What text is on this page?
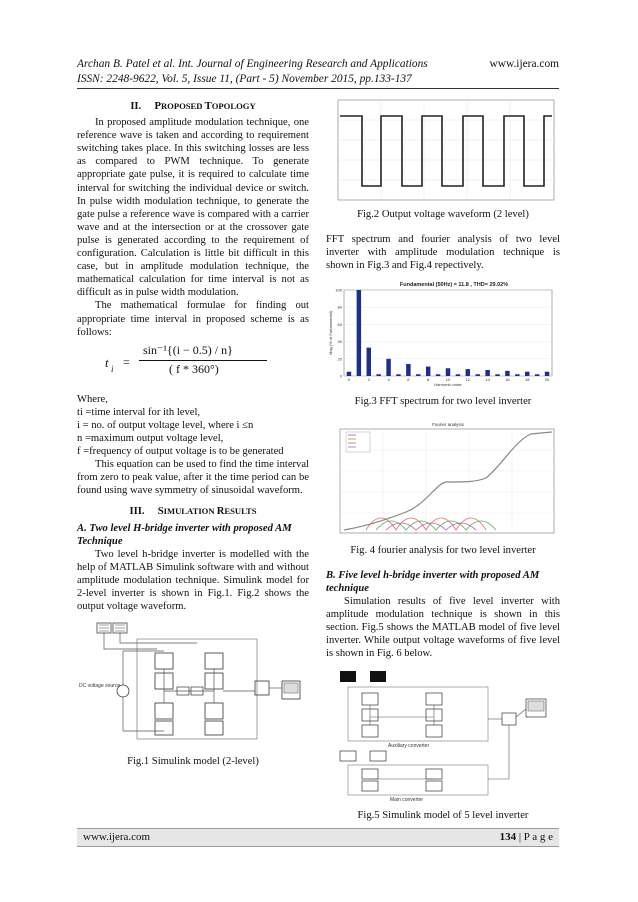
Archan B. Patel et al. Int. Journal of Engineering Research and Applications	www.ijera.com
ISSN: 2248-9622, Vol. 5, Issue 11, (Part - 5) November 2015, pp.133-137
II. PROPOSED TOPOLOGY

In proposed amplitude modulation technique, one reference wave is taken and according to requirement switching takes place. In this switching losses are less as compared to PWM technique. To generate appropriate gate pulse, it is required to calculate time interval for switching the individual device or switch. In pulse width modulation technique, to generate the gate pulse a reference wave is compared with a carrier wave and at the intersection or at the crossover gate pulse is generated according to the requirement of configuration. Calculation is little bit difficult in this case, but in amplitude modulation technique, the mathematical calculation for time interval is not as difficult as in pulse width modulation.

The mathematical formulae for finding out appropriate time interval in proposed scheme is as follows:

t i =
sin⁻¹{(i − 0.5) / n}
( f * 360°)

Where,

ti =time interval for ith level,

i = no. of output voltage level, where i ≤n

n =maximum output voltage level,

f =frequency of output voltage is to be generated

This equation can be used to find the time interval from zero to peak value, after it the time period can be found using wave symmetry of sinusoidal waveform.

III. SIMULATION RESULTS

A. Two level H-bridge inverter with proposed AM Technique

Two level h-bridge inverter is modelled with the help of MATLAB Simulink software with and without amplitude modulation technique. Simulink model for 2-level inverter is shown in Fig.1. Fig.2 shows the output voltage waveform.

DC voltage source

Fig.1 Simulink model (2-level)

Fig.2 Output voltage waveform (2 level)

FFT spectrum and fourier analysis of two level inverter with amplitude modulation technique is shown in Fig.3 and Fig.4 repectively.

Fundamental (50Hz) = 11.8 , THD= 29.02%
Mag (% of Fundamental)
Harmonic order
0
20
40
60
80
100
0	2	4	6	8	10	12	14	16	18	20

Fig.3 FFT spectrum for two level inverter

Fourier analysis

Fig. 4 fourier analysis for two level inverter

B. Five level h-bridge inverter with proposed AM technique

Simulation results of five level inverter with amplitude modulation technique is shown in this section. Fig.5 shows the MATLAB model of five level inverter. While output voltage waveforms of five level is shown in Fig. 6 below.

Auxiliary converter
Main converter

Fig.5 Simulink model of 5 level inverter

www.ijera.com	134 | P a g e
